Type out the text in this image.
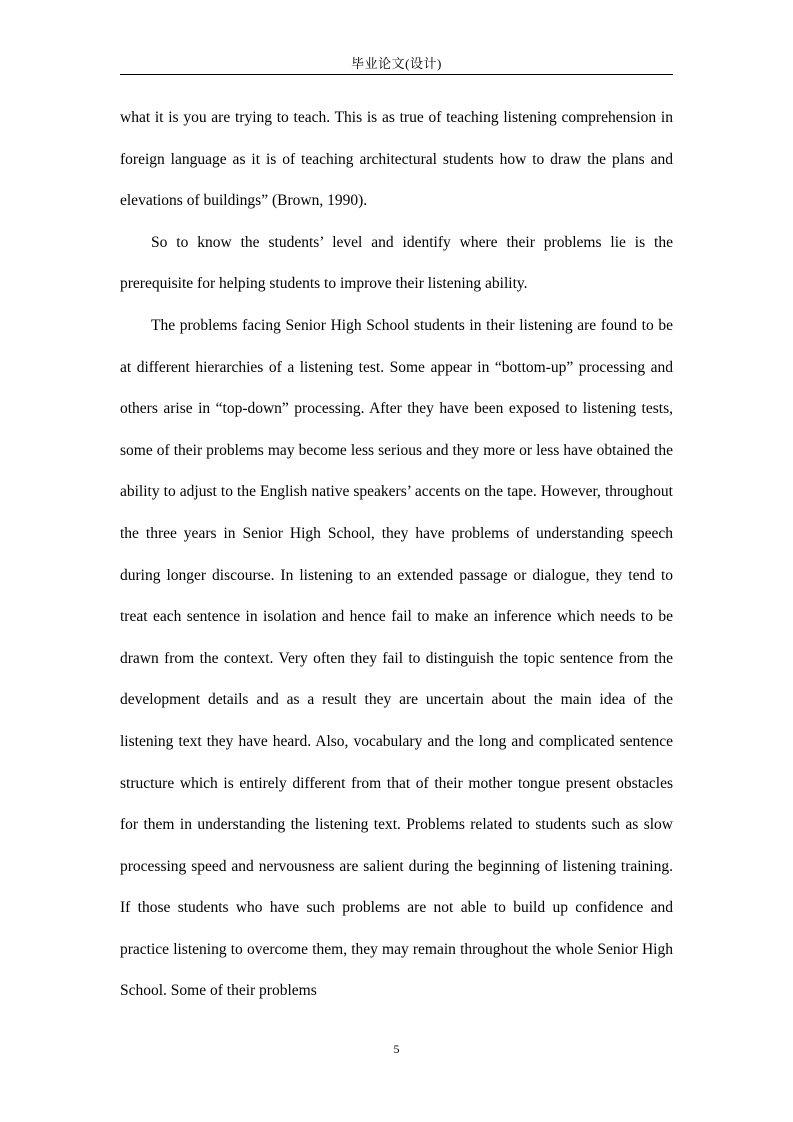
毕业论文(设计)

what it is you are trying to teach. This is as true of teaching listening comprehension in foreign language as it is of teaching architectural students how to draw the plans and elevations of buildings” (Brown, 1990).

So to know the students’ level and identify where their problems lie is the prerequisite for helping students to improve their listening ability.

The problems facing Senior High School students in their listening are found to be at different hierarchies of a listening test. Some appear in “bottom-up” processing and others arise in “top-down” processing. After they have been exposed to listening tests, some of their problems may become less serious and they more or less have obtained the ability to adjust to the English native speakers’ accents on the tape. However, throughout the three years in Senior High School, they have problems of understanding speech during longer discourse. In listening to an extended passage or dialogue, they tend to treat each sentence in isolation and hence fail to make an inference which needs to be drawn from the context. Very often they fail to distinguish the topic sentence from the development details and as a result they are uncertain about the main idea of the listening text they have heard. Also, vocabulary and the long and complicated sentence structure which is entirely different from that of their mother tongue present obstacles for them in understanding the listening text. Problems related to students such as slow processing speed and nervousness are salient during the beginning of listening training. If those students who have such problems are not able to build up confidence and practice listening to overcome them, they may remain throughout the whole Senior High School. Some of their problems

5
